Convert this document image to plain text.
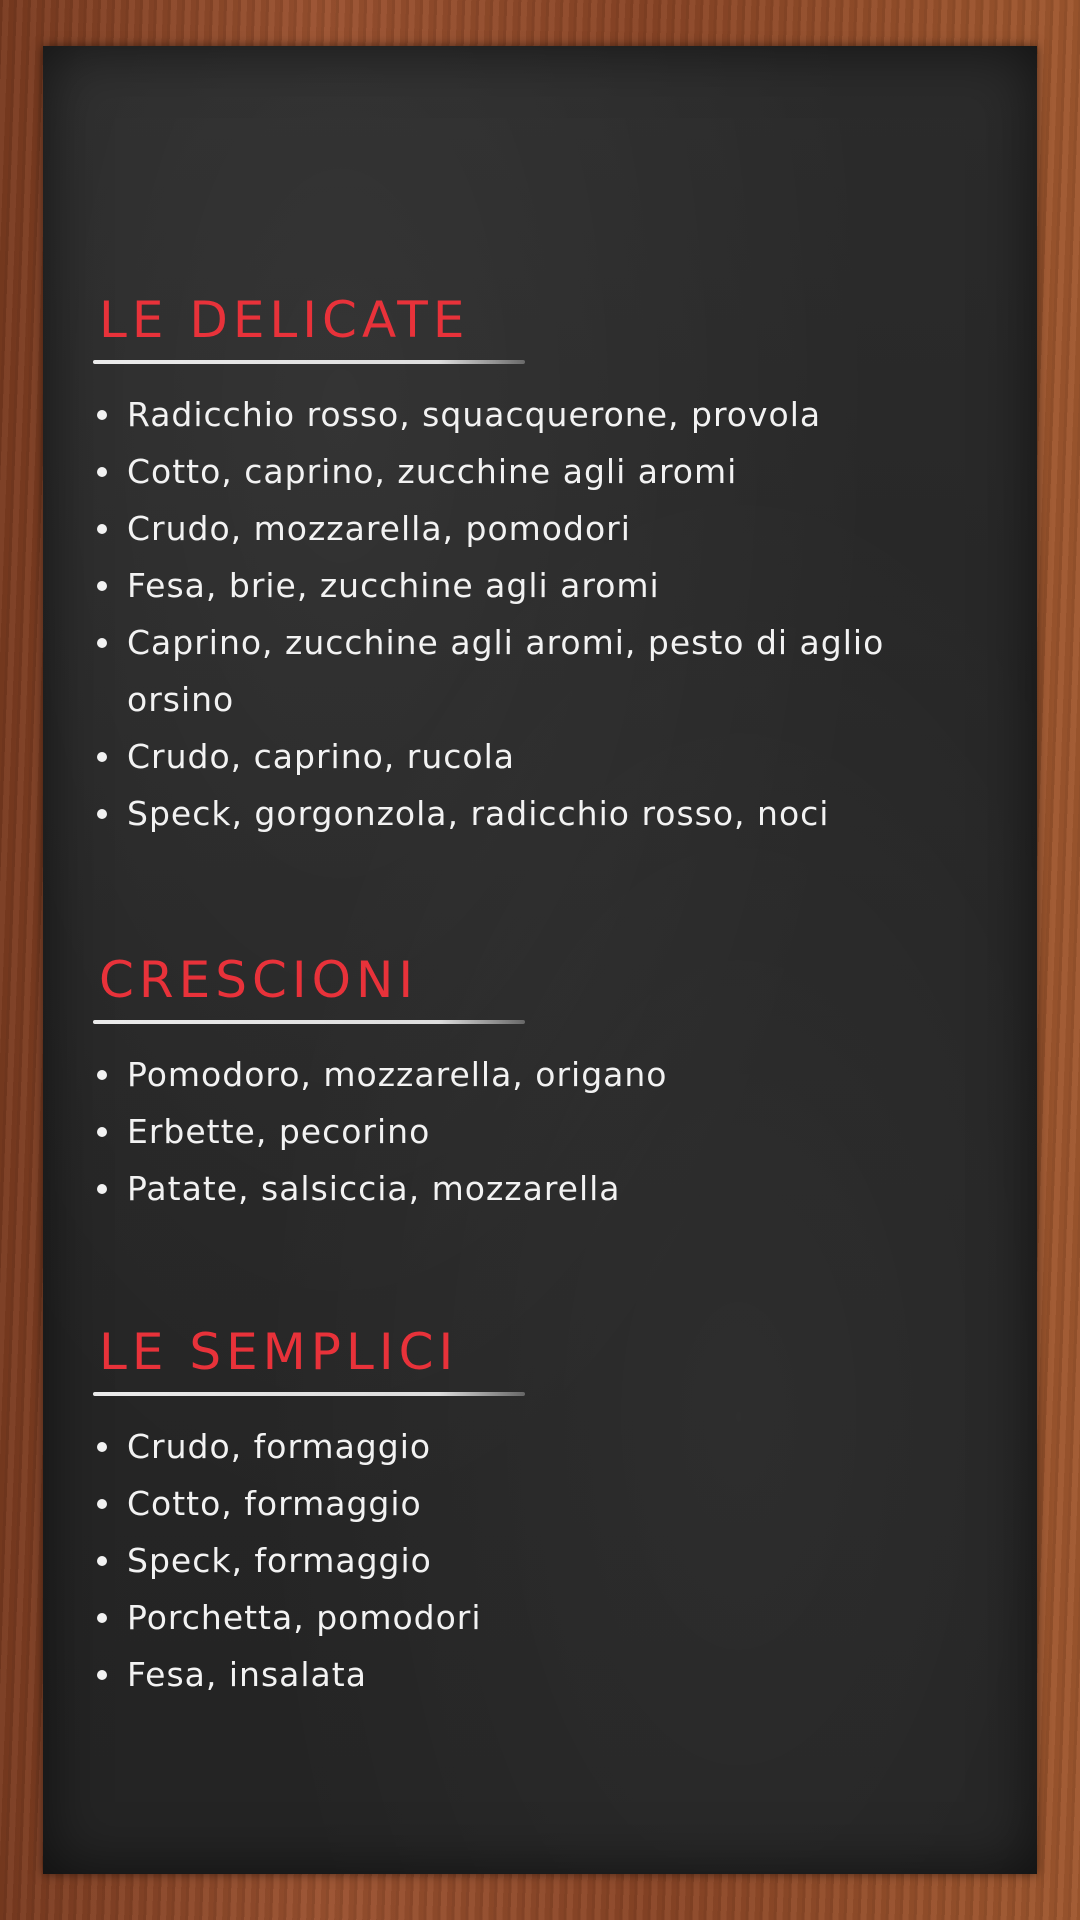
LE DELICATE
Radicchio rosso, squacquerone, provola
Cotto, caprino, zucchine agli aromi
Crudo, mozzarella, pomodori
Fesa, brie, zucchine agli aromi
Caprino, zucchine agli aromi, pesto di aglio orsino
Crudo, caprino, rucola
Speck, gorgonzola, radicchio rosso, noci
CRESCIONI
Pomodoro, mozzarella, origano
Erbette, pecorino
Patate, salsiccia, mozzarella
LE SEMPLICI
Crudo, formaggio
Cotto, formaggio
Speck, formaggio
Porchetta, pomodori
Fesa, insalata
